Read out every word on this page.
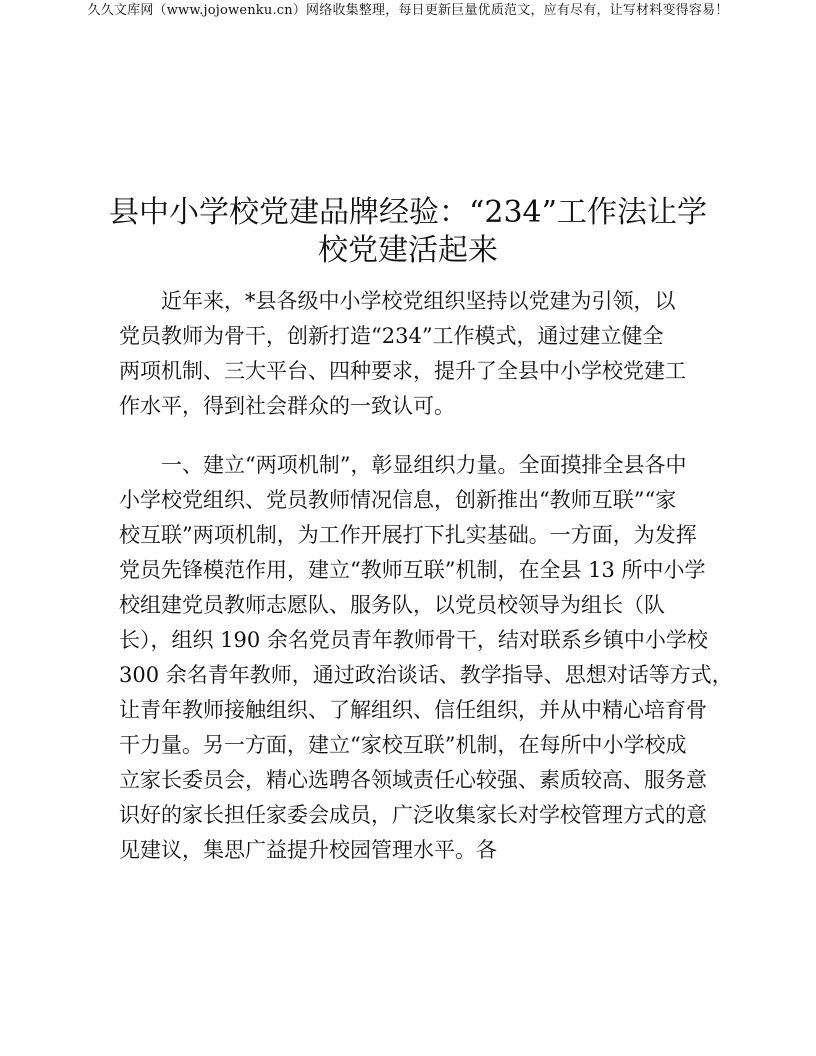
久久文库网（www.jojowenku.cn）网络收集整理，每日更新巨量优质范文，应有尽有，让写材料变得容易！
县中小学校党建品牌经验：“234”工作法让学
校党建活起来
　　近年来，*县各级中小学校党组织坚持以党建为引领，以
党员教师为骨干，创新打造“234”工作模式，通过建立健全
两项机制、三大平台、四种要求，提升了全县中小学校党建工
作水平，得到社会群众的一致认可。
　　一、建立“两项机制”，彰显组织力量。全面摸排全县各中
小学校党组织、党员教师情况信息，创新推出“教师互联”“家
校互联”两项机制，为工作开展打下扎实基础。一方面，为发挥
党员先锋模范作用，建立“教师互联”机制，在全县 13 所中小学
校组建党员教师志愿队、服务队，以党员校领导为组长（队
长），组织 190 余名党员青年教师骨干，结对联系乡镇中小学校
300 余名青年教师，通过政治谈话、教学指导、思想对话等方式，
让青年教师接触组织、了解组织、信任组织，并从中精心培育骨
干力量。另一方面，建立“家校互联”机制，在每所中小学校成
立家长委员会，精心选聘各领域责任心较强、素质较高、服务意
识好的家长担任家委会成员，广泛收集家长对学校管理方式的意
见建议，集思广益提升校园管理水平。各
